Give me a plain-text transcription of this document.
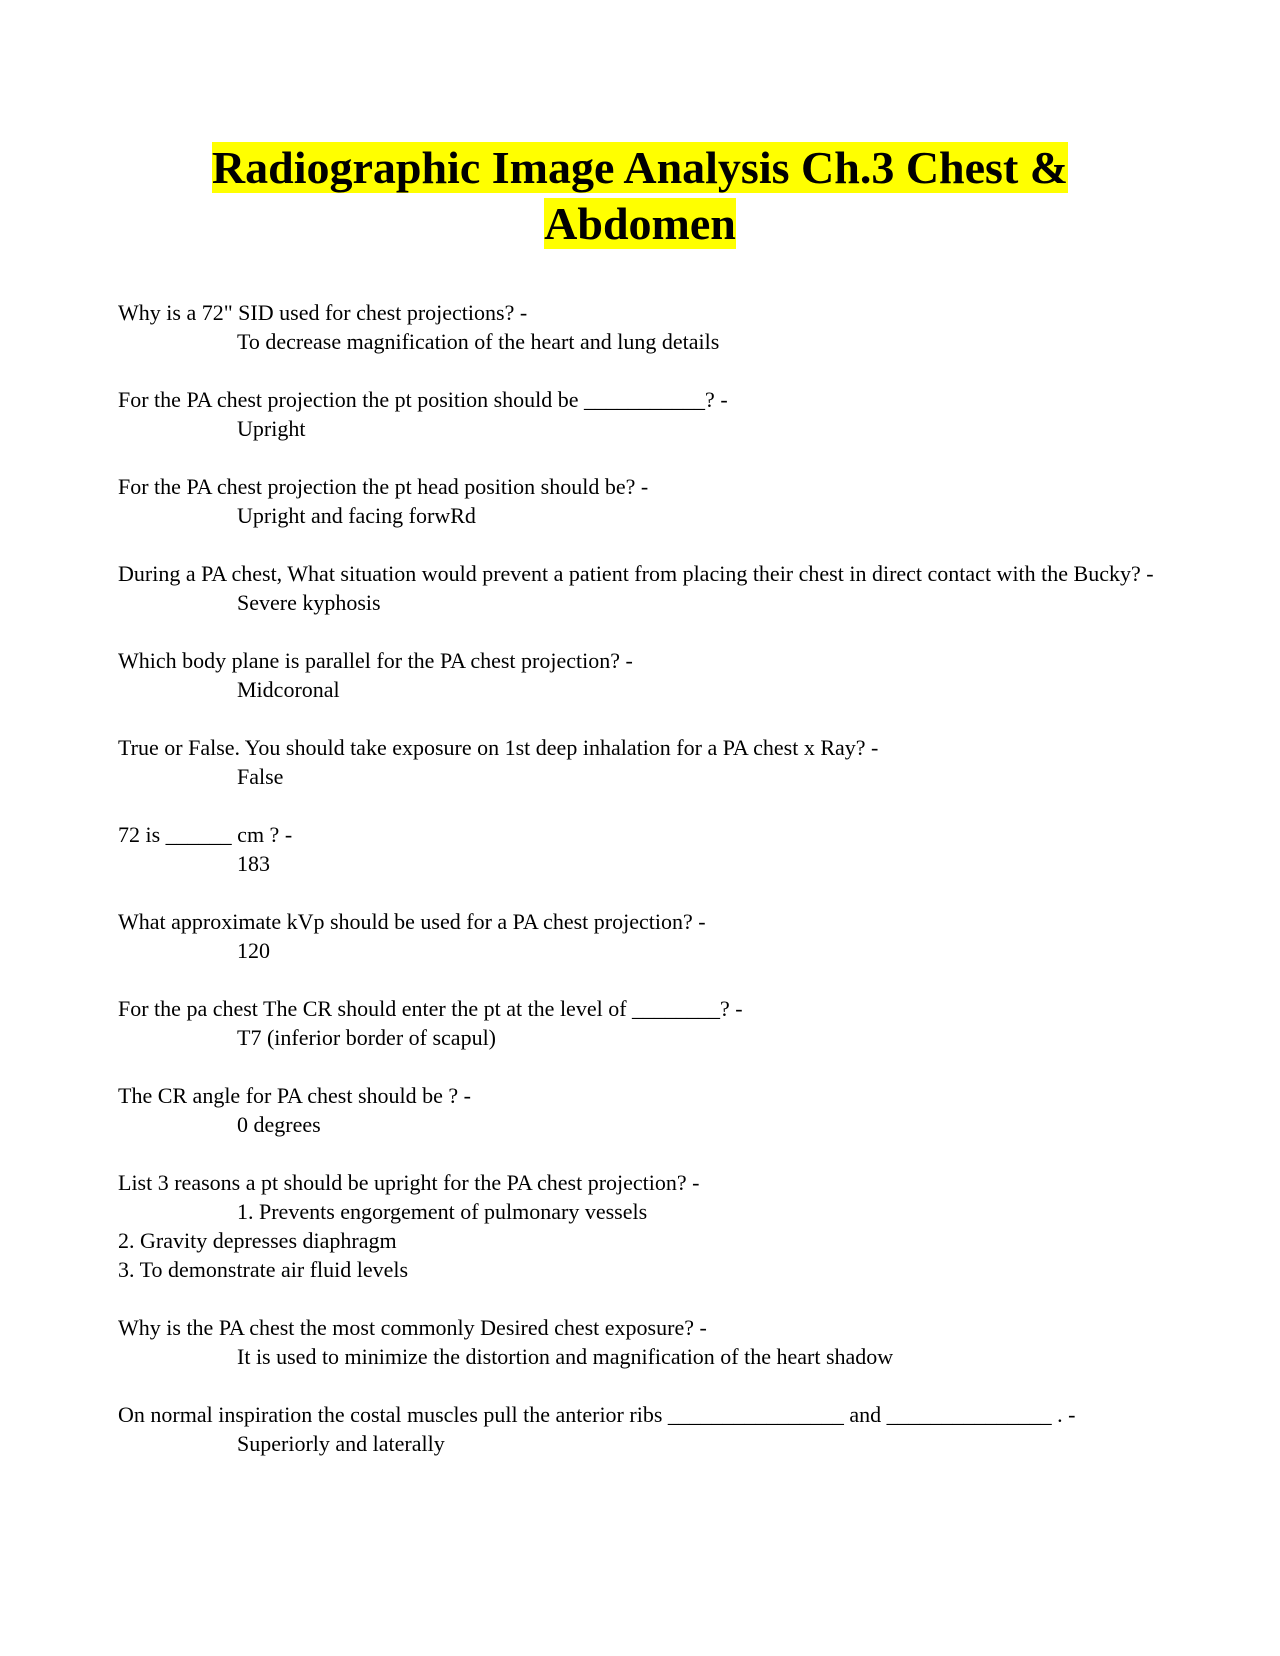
Radiographic Image Analysis Ch.3 Chest &
Abdomen
Why is a 72" SID used for chest projections? -
To decrease magnification of the heart and lung details
For the PA chest projection the pt position should be ___________? -
Upright
For the PA chest projection the pt head position should be? -
Upright and facing forwRd
During a PA chest, What situation would prevent a patient from placing their chest in direct contact with the Bucky? -
Severe kyphosis
Which body plane is parallel for the PA chest projection? -
Midcoronal
True or False. You should take exposure on 1st deep inhalation for a PA chest x Ray? -
False
72 is ______ cm ? -
183
What approximate kVp should be used for a PA chest projection? -
120
For the pa chest The CR should enter the pt at the level of ________? -
T7 (inferior border of scapul)
The CR angle for PA chest should be ? -
0 degrees
List 3 reasons a pt should be upright for the PA chest projection? -
1. Prevents engorgement of pulmonary vessels
2. Gravity depresses diaphragm
3. To demonstrate air fluid levels
Why is the PA chest the most commonly Desired chest exposure? -
It is used to minimize the distortion and magnification of the heart shadow
On normal inspiration the costal muscles pull the anterior ribs ________________ and _______________ . -
Superiorly and laterally
